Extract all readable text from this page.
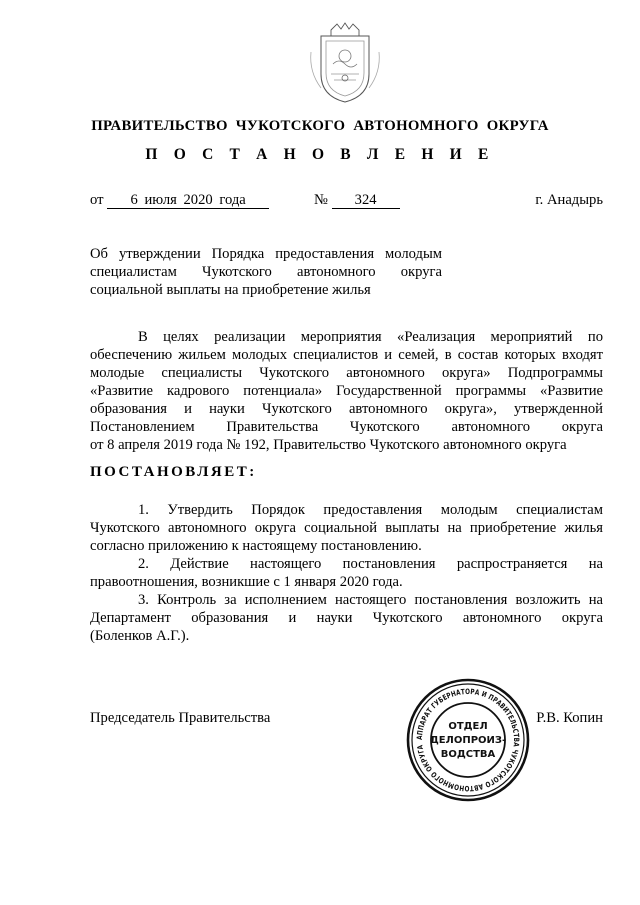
ПРАВИТЕЛЬСТВО ЧУКОТСКОГО АВТОНОМНОГО ОКРУГА
П О С Т А Н О В Л Е Н И Е
от 6 июля 2020 года	№ 324	г. Анадырь
Об утверждении Порядка предоставления молодым
специалистам Чукотского автономного округа
социальной выплаты на приобретение жилья
В целях реализации мероприятия «Реализация мероприятий по
обеспечению жильем молодых специалистов и семей, в состав которых входят
молодые специалисты Чукотского автономного округа» Подпрограммы
«Развитие кадрового потенциала» Государственной программы «Развитие
образования и науки Чукотского автономного округа», утвержденной
Постановлением Правительства Чукотского автономного округа
от 8 апреля 2019 года № 192, Правительство Чукотского автономного округа
ПОСТАНОВЛЯЕТ:
1. Утвердить Порядок предоставления молодым специалистам
Чукотского автономного округа социальной выплаты на приобретение жилья
согласно приложению к настоящему постановлению.
2. Действие настоящего постановления распространяется на
правоотношения, возникшие с 1 января 2020 года.
3. Контроль за исполнением настоящего постановления возложить на
Департамент образования и науки Чукотского автономного округа
(Боленков А.Г.).
Председатель Правительства	Р.В. Копин
АППАРАТ ГУБЕРНАТОРА И ПРАВИТЕЛЬСТВА ЧУКОТСКОГО АВТОНОМНОГО ОКРУГА
ОТДЕЛ
ДЕЛОПРОИЗ-
ВОДСТВА
